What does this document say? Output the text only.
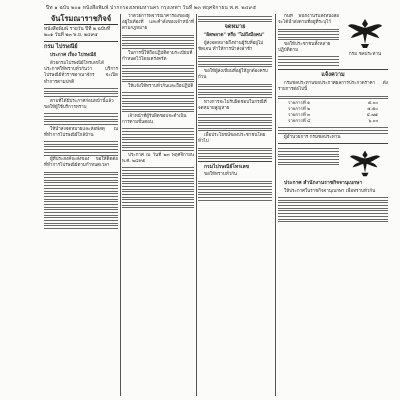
ปีท ๑ ฉบับ ๒๐๑ หนังสือพิมพ์ ปากกรองเทพมหานคร กรุงเทพฯ วันที่ ๒๓ พฤศจิกายน พ.ศ. ๒๔๙๕
จันโรมณาราชกิจจ์
หนังสือพิมพ์ รายวัน ปีที่ ๒ ฉบับที่ ๒๐๑ วันที่ ๒๓ พ.ย. ๒๔๙๕

กรม ไปรษณีย์

ประกาศ เรื่อง ไปรษณีย์

ด้วยกรมไปรษณีย์โทรเลขได้ประกาศให้ทราบทั่วกันว่า บริการไปรษณีย์ทั่วราชอาณาจักร จะเปิดทำการตามปกติ

ตามที่ได้มีประกาศก่อนหน้านี้แล้ว ขอให้ผู้ใช้บริการทราบ

ให้นำส่งจดหมายและห่อพัสดุ ณ ที่ทำการไปรษณีย์ใกล้บ้าน

ผู้ที่ประสงค์จะส่งของ ขอให้ติดต่อที่ทำการไปรษณีย์ตามกำหนดเวลา

ว่าด้วยการพิจารณาคำร้องของผู้อยู่ในท้องที่ และคำสั่งของเจ้าหน้าที่ตามกฎหมาย

ในการนี้ให้ถือปฏิบัติตามระเบียบที่กำหนดไว้โดยเคร่งครัด

ให้แจ้งให้ทราบทั่วกันและถือปฏิบัติ

เจ้าหน้าที่ผู้รับผิดชอบจะดำเนินการตามขั้นตอน

ประกาศ ณ วันที่ ๒๓ พฤศจิกายน พ.ศ. ๒๔๙๕

จดหมาย

"ผิดพลาด" หรือ "ไม่ถึงมือคน"

ผู้ส่งจดหมายถึงท่านผู้รับที่อยู่ไม่ชัดเจน ทำให้การนำส่งล่าช้า

ขอให้ผู้ส่งเขียนที่อยู่ให้ถูกต้องครบถ้วน

ทางการจะไม่รับผิดชอบในกรณีที่จดหมายสูญหาย

เพื่อประโยชน์ของประชาชนโดยทั่วไป

กรมไปรษณีย์โทรเลข

ขอให้ทราบทั่วกัน

กันที่ พนักงานรับส่งหนังสือ จะได้นำส่งตามที่อยู่ที่ระบุไว้

ขอให้ประชาชนทั้งหลายปฏิบัติตาม

กรม ชลประทาน

แจ้งความ

กรมชลประทานขอประกาศผลการประกวดราคา ดังรายการต่อไปนี้

รายการที่ ๑	๕.๐๐
รายการที่ ๒	๕.๕๐
รายการที่ ๓	๔.๗๕
รายการที่ ๔	๖.๐๐

ผู้อำนวยการ กรมชลประทาน

ประกาศ สำนักงานราชกิจจานุเบกษา

ให้ประกาศในราชกิจจานุเบกษา เพื่อทราบทั่วกัน
